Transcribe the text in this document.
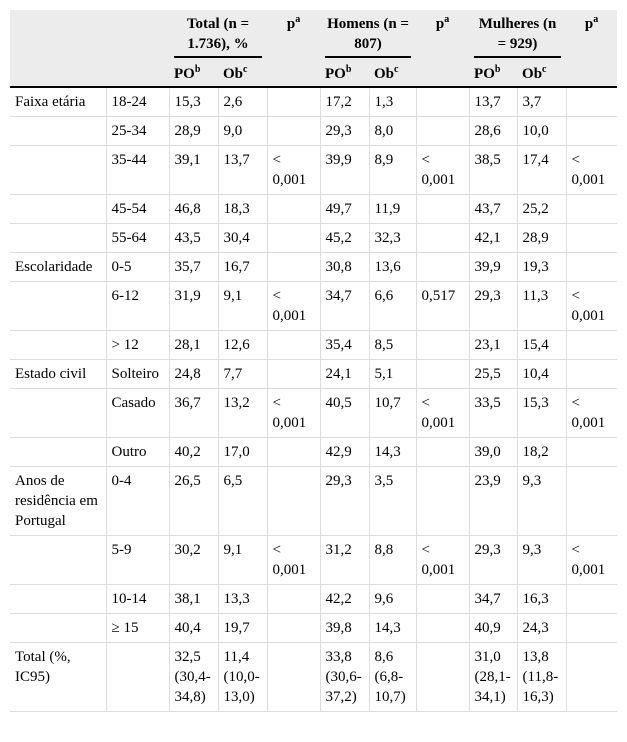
		Total (n = 1.736), %		$p^a$	Homens (n = 807)		$p^a$	Mulheres (n = 929)		$p^a$
		$PO^b$	Ob$^c$		$PO^b$	Ob$^c$		$PO^b$	Ob$^c$	
Faixa etária	18-24	15,3	2,6		17,2	1,3		13,7	3,7	
	25-34	28,9	9,0		29,3	8,0		28,6	10,0	
	35-44	39,1	13,7	< 0,001	39,9	8,9	< 0,001	38,5	17,4	< 0,001
	45-54	46,8	18,3		49,7	11,9		43,7	25,2	
	55-64	43,5	30,4		45,2	32,3		42,1	28,9	
Escolaridade	0-5	35,7	16,7		30,8	13,6		39,9	19,3	
	6-12	31,9	9,1	< 0,001	34,7	6,6	0,517	29,3	11,3	< 0,001
	> 12	28,1	12,6		35,4	8,5		23,1	15,4	
Estado civil	Solteiro	24,8	7,7		24,1	5,1		25,5	10,4	
	Casado	36,7	13,2	< 0,001	40,5	10,7	< 0,001	33,5	15,3	< 0,001
	Outro	40,2	17,0		42,9	14,3		39,0	18,2	
Anos de residência em Portugal	0-4	26,5	6,5		29,3	3,5		23,9	9,3	
	5-9	30,2	9,1	< 0,001	31,2	8,8	< 0,001	29,3	9,3	< 0,001
	10-14	38,1	13,3		42,2	9,6		34,7	16,3	
	≥ 15	40,4	19,7		39,8	14,3		40,9	24,3	
Total (%, IC95)		32,5 (30,4-34,8)	11,4 (10,0-13,0)		33,8 (30,6-37,2)	8,6 (6,8-10,7)		31,0 (28,1-34,1)	13,8 (11,8-16,3)	
